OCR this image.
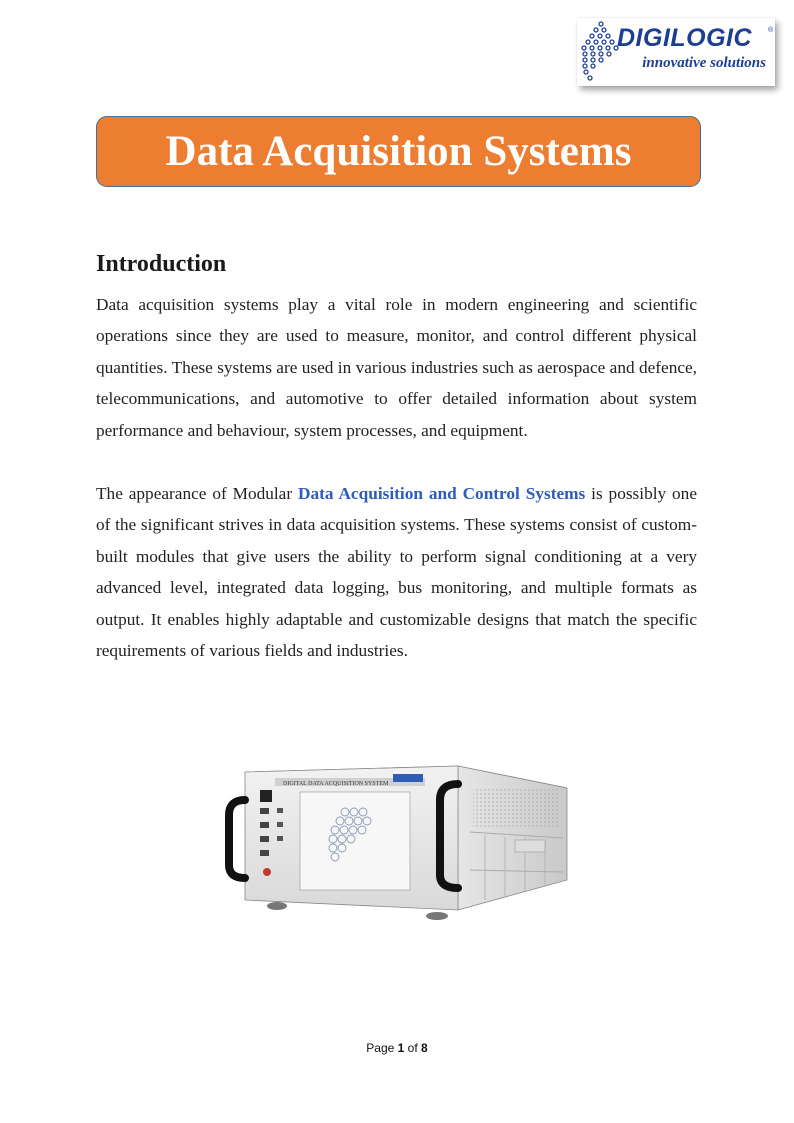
DIGILOGIC ®
innovative solutions
Data Acquisition Systems
Introduction

Data acquisition systems play a vital role in modern engineering and scientific operations since they are used to measure, monitor, and control different physical quantities. These systems are used in various industries such as aerospace and defence, telecommunications, and automotive to offer detailed information about system performance and behaviour, system processes, and equipment.

The appearance of Modular Data Acquisition and Control Systems is possibly one of the significant strives in data acquisition systems. These systems consist of custom-built modules that give users the ability to perform signal conditioning at a very advanced level, integrated data logging, bus monitoring, and multiple formats as output. It enables highly adaptable and customizable designs that match the specific requirements of various fields and industries.

DIGITAL DATA ACQUISITION SYSTEM
Page 1 of 8
